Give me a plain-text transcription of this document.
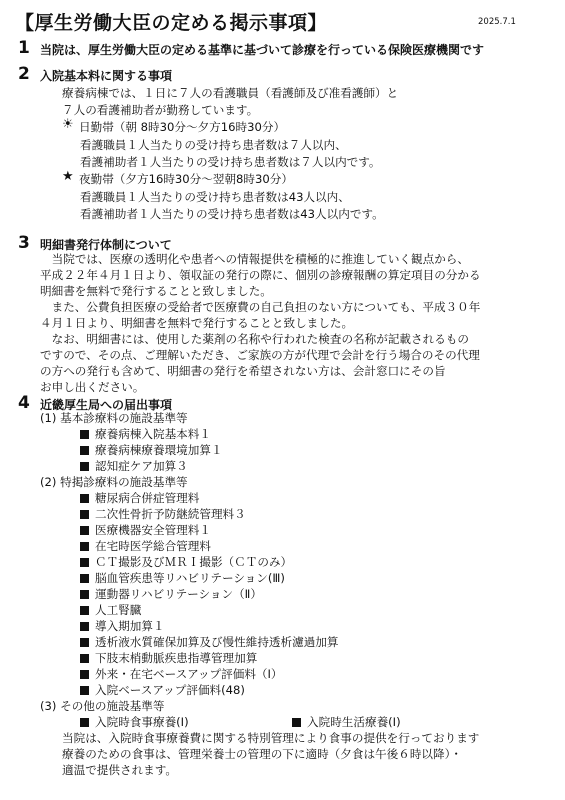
【厚生労働大臣の定める掲示事項】	2025.7.1
1 当院は、厚生労働大臣の定める基準に基づいて診療を行っている保険医療機関です
2 入院基本料に関する事項
療養病棟では、１日に７人の看護職員（看護師及び准看護師）と
７人の看護補助者が勤務しています。
☀ 日勤帯（朝 8時30分～夕方16時30分）
看護職員１人当たりの受け持ち患者数は７人以内、
看護補助者１人当たりの受け持ち患者数は７人以内です。
★ 夜勤帯（夕方16時30分～翌朝8時30分）
看護職員１人当たりの受け持ち患者数は43人以内、
看護補助者１人当たりの受け持ち患者数は43人以内です。
3 明細書発行体制について
　当院では、医療の透明化や患者への情報提供を積極的に推進していく観点から、
平成２２年４月１日より、領収証の発行の際に、個別の診療報酬の算定項目の分かる
明細書を無料で発行することと致しました。
　また、公費負担医療の受給者で医療費の自己負担のない方についても、平成３０年
４月１日より、明細書を無料で発行することと致しました。
　なお、明細書には、使用した薬剤の名称や行われた検査の名称が記載されるもの
ですので、その点、ご理解いただき、ご家族の方が代理で会計を行う場合のその代理
の方への発行も含めて、明細書の発行を希望されない方は、会計窓口にその旨
お申し出ください。
4 近畿厚生局への届出事項
(1) 基本診療料の施設基準等
療養病棟入院基本料１
療養病棟療養環境加算１
認知症ケア加算３
(2) 特掲診療料の施設基準等
糖尿病合併症管理料
二次性骨折予防継続管理料３
医療機器安全管理料１
在宅時医学総合管理料
ＣＴ撮影及びＭＲＩ撮影（ＣＴのみ）
脳血管疾患等リハビリテーション(Ⅲ)
運動器リハビリテーション（Ⅱ）
人工腎臓
導入期加算１
透析液水質確保加算及び慢性維持透析濾過加算
下肢末梢動脈疾患指導管理加算
外来・在宅ベースアップ評価料（Ⅰ）
入院ベースアップ評価料(48)
(3) その他の施設基準等
入院時食事療養(Ⅰ)	入院時生活療養(Ⅰ)
当院は、入院時食事療養費に関する特別管理により食事の提供を行っております
療養のための食事は、管理栄養士の管理の下に適時（夕食は午後６時以降）・
適温で提供されます。
